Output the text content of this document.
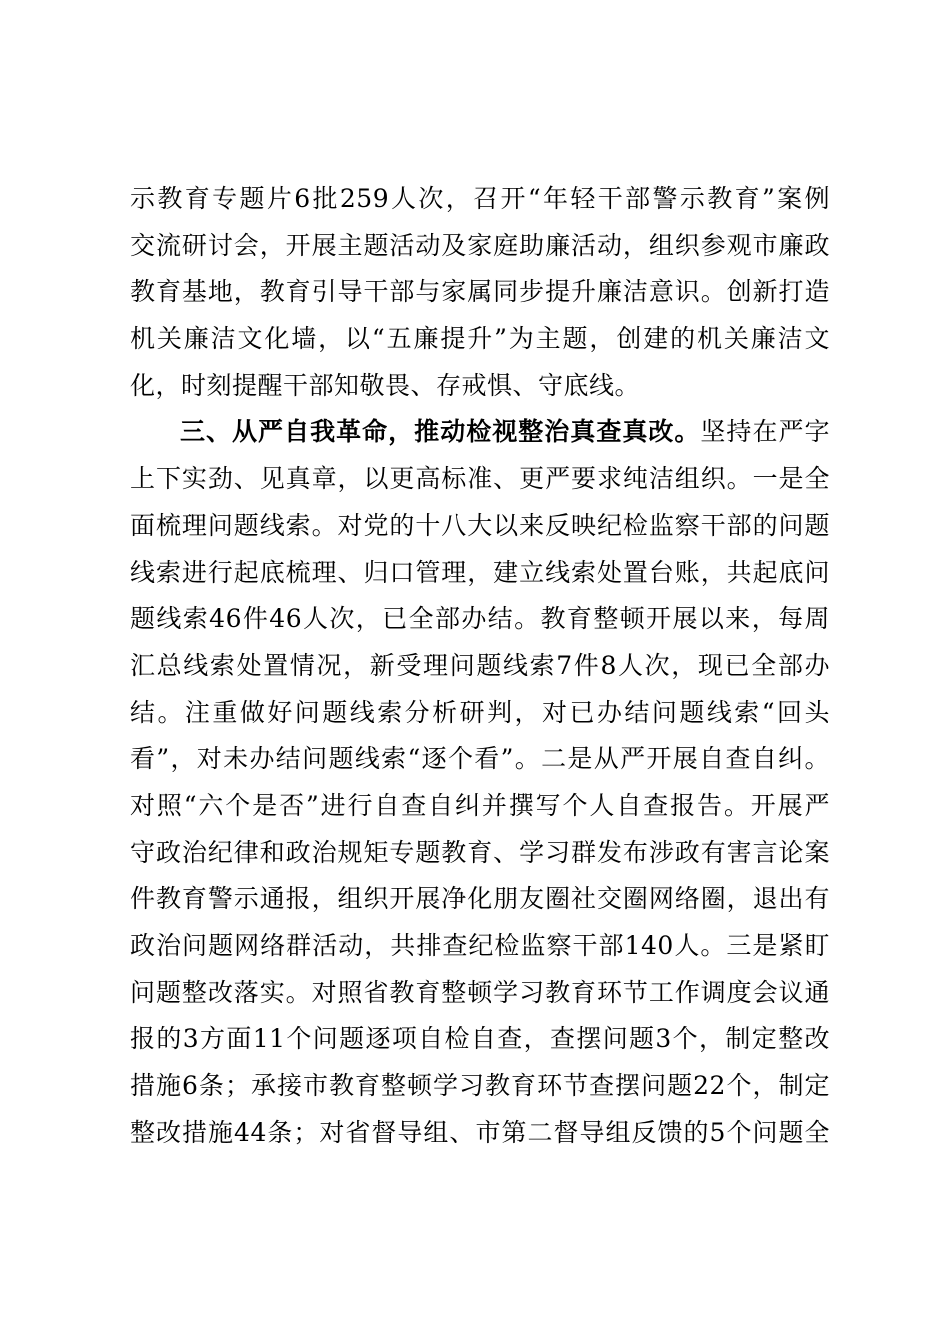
示教育专题片6批259人次，召开“年轻干部警示教育”案例
交流研讨会，开展主题活动及家庭助廉活动，组织参观市廉政
教育基地，教育引导干部与家属同步提升廉洁意识。创新打造
机关廉洁文化墙，以“五廉提升”为主题，创建的机关廉洁文
化，时刻提醒干部知敬畏、存戒惧、守底线。
三、从严自我革命，推动检视整治真查真改。坚持在严字
上下实劲、见真章，以更高标准、更严要求纯洁组织。一是全
面梳理问题线索。对党的十八大以来反映纪检监察干部的问题
线索进行起底梳理、归口管理，建立线索处置台账，共起底问
题线索46件46人次，已全部办结。教育整顿开展以来，每周
汇总线索处置情况，新受理问题线索7件8人次，现已全部办
结。注重做好问题线索分析研判，对已办结问题线索“回头
看”，对未办结问题线索“逐个看”。二是从严开展自查自纠。
对照“六个是否”进行自查自纠并撰写个人自查报告。开展严
守政治纪律和政治规矩专题教育、学习群发布涉政有害言论案
件教育警示通报，组织开展净化朋友圈社交圈网络圈，退出有
政治问题网络群活动，共排查纪检监察干部140人。三是紧盯
问题整改落实。对照省教育整顿学习教育环节工作调度会议通
报的3方面11个问题逐项自检自查，查摆问题3个，制定整改
措施6条；承接市教育整顿学习教育环节查摆问题22个，制定
整改措施44条；对省督导组、市第二督导组反馈的5个问题全
